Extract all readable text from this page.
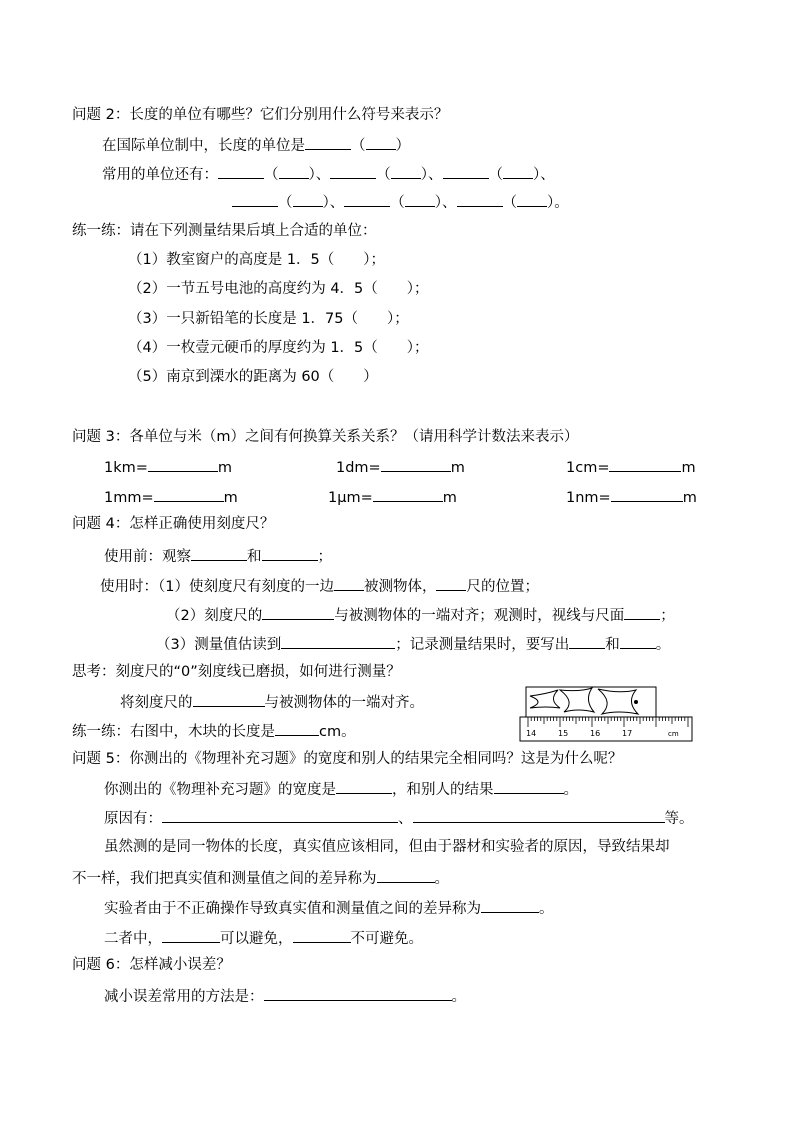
问题 2：长度的单位有哪些？它们分别用什么符号来表示？
在国际单位制中，长度的单位是	（ ）
常用的单位还有：	（ ）、	（ ）、	（ ）、
（ ）、	（ ）、	（ ）。
练一练：请在下列测量结果后填上合适的单位：
（1）教室窗户的高度是 1．5（　　）；
（2）一节五号电池的高度约为 4．5（　　）；
（3）一只新铅笔的长度是 1．75（　　）；
（4）一枚壹元硬币的厚度约为 1．5（　　）；
（5）南京到溧水的距离为 60（　　）
问题 3：各单位与米（m）之间有何换算关系关系？（请用科学计数法来表示）
1km=	m	1dm=	m	1cm=	m
1mm=	m	1μm=	m	1nm=	m
问题 4：怎样正确使用刻度尺？
使用前：观察	和	；
使用时：（1）使刻度尺有刻度的一边 被测物体， 尺的位置；
（2）刻度尺的	与被测物体的一端对齐；观测时，视线与尺面 ；
（3）测量值估读到	；记录测量结果时，要写出 和 。
思考：刻度尺的“0”刻度线已磨损，如何进行测量？
将刻度尺的	与被测物体的一端对齐。
练一练：右图中，木块的长度是	cm。	14	15	16	17	cm
问题 5：你测出的《物理补充习题》的宽度和别人的结果完全相同吗？这是为什么呢？
你测出的《物理补充习题》的宽度是	，和别人的结果	。
原因有：	、	等。
虽然测的是同一物体的长度，真实值应该相同，但由于器材和实验者的原因，导致结果却
不一样，我们把真实值和测量值之间的差异称为	。
实验者由于不正确操作导致真实值和测量值之间的差异称为	。
二者中，	可以避免，	不可避免。
问题 6：怎样减小误差？
减小误差常用的方法是：	。
